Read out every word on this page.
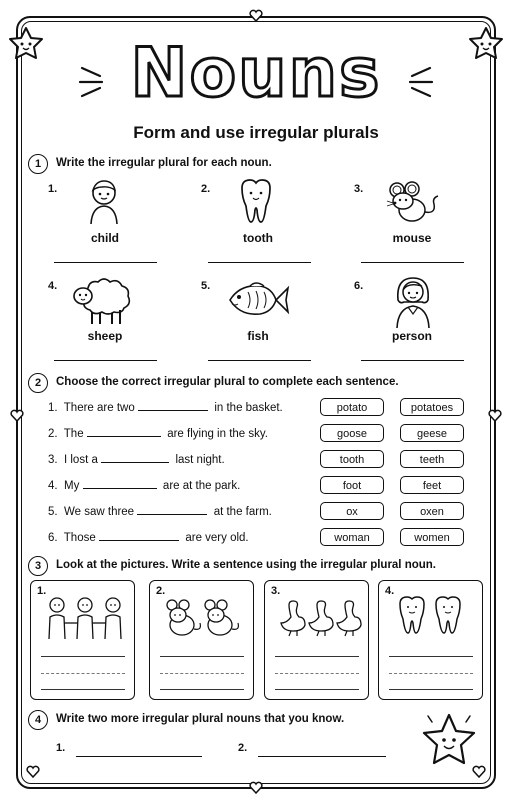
Nouns
Form and use irregular plurals
1	Write the irregular plural for each noun.
1.
child
2.
tooth
3.
mouse
4.
sheep
5.
fish
6.
person
2	Choose the correct irregular plural to complete each sentence.
1. There are two	in the basket.	potato	potatoes
2. The	are flying in the sky.	goose	geese
3. I lost a	last night.	tooth	teeth
4. My	are at the park.	foot	feet
5. We saw three	at the farm.	ox	oxen
6. Those	are very old.	woman	women
3	Look at the pictures. Write a sentence using the irregular plural noun.
1.	2.	3.	4.
4	Write two more irregular plural nouns that you know.
1.	2.
